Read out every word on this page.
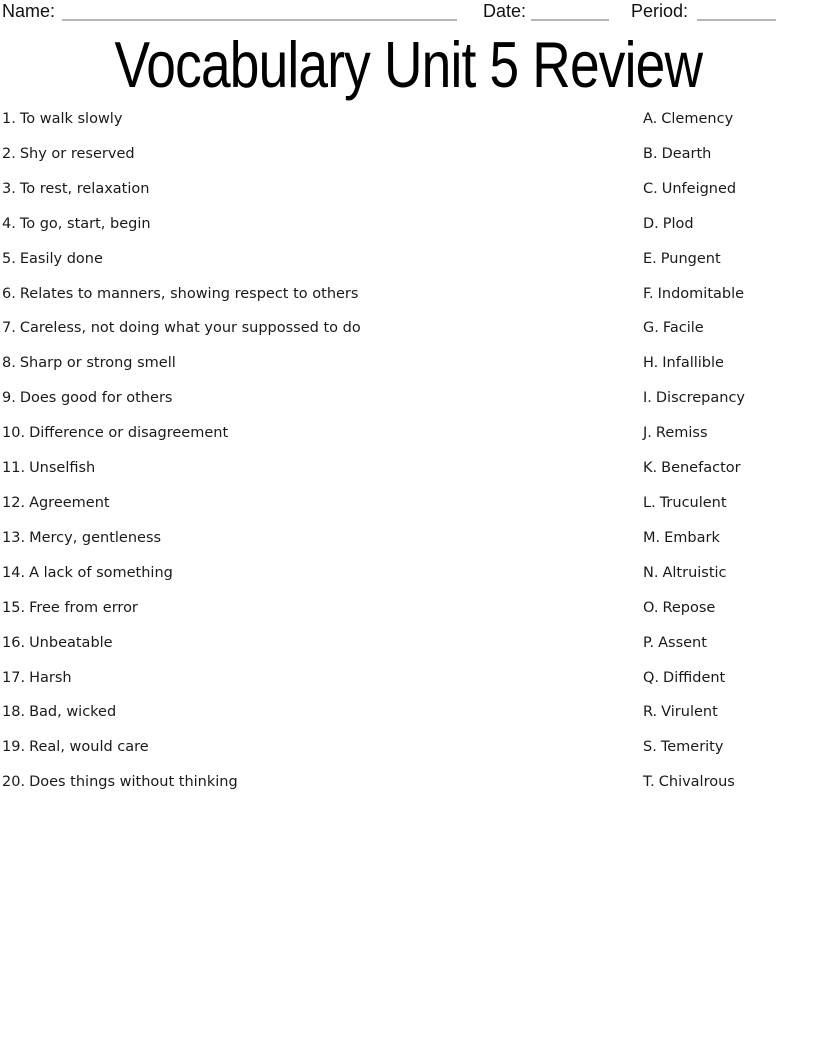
Name:	Date:	Period:
Vocabulary Unit 5 Review
1. To walk slowly
2. Shy or reserved
3. To rest, relaxation
4. To go, start, begin
5. Easily done
6. Relates to manners, showing respect to others
7. Careless, not doing what your suppossed to do
8. Sharp or strong smell
9. Does good for others
10. Difference or disagreement
11. Unselfish
12. Agreement
13. Mercy, gentleness
14. A lack of something
15. Free from error
16. Unbeatable
17. Harsh
18. Bad, wicked
19. Real, would care
20. Does things without thinking
A. Clemency
B. Dearth
C. Unfeigned
D. Plod
E. Pungent
F. Indomitable
G. Facile
H. Infallible
I. Discrepancy
J. Remiss
K. Benefactor
L. Truculent
M. Embark
N. Altruistic
O. Repose
P. Assent
Q. Diffident
R. Virulent
S. Temerity
T. Chivalrous
